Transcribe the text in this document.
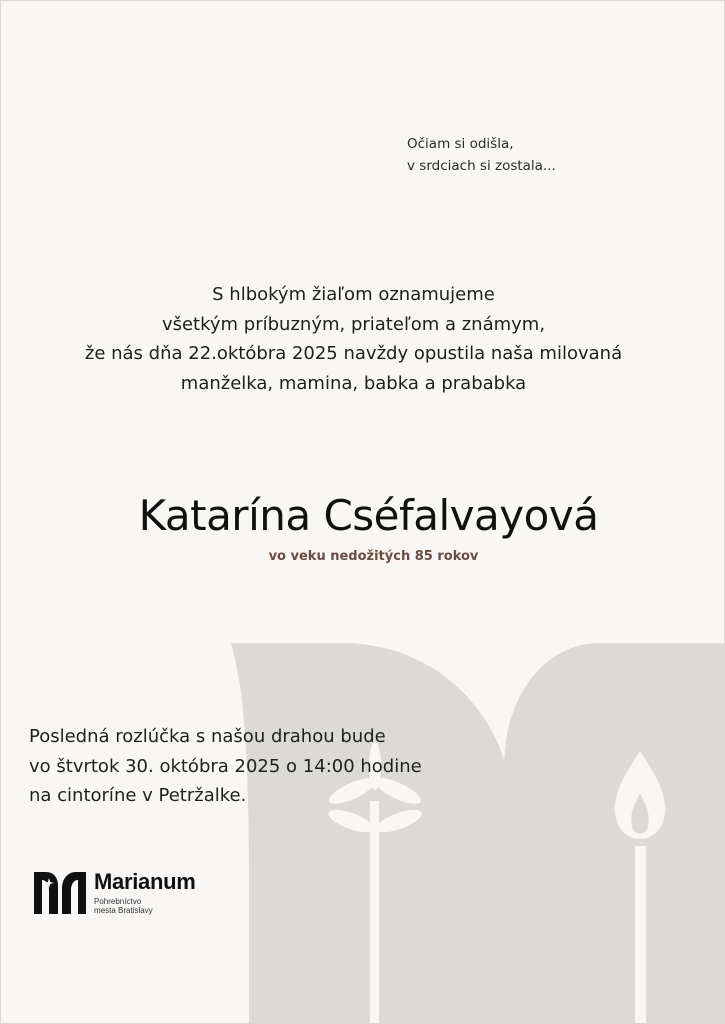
Očiam si odišla,
v srdciach si zostala...
S hlbokým žiaľom oznamujeme
všetkým príbuzným, priateľom a známym,
že nás dňa 22.októbra 2025 navždy opustila naša milovaná
manželka, mamina, babka a prababka
Katarína Cséfalvayová
vo veku nedožitých 85 rokov
Posledná rozlúčka s našou drahou bude
vo štvrtok 30. októbra 2025 o 14:00 hodine
na cintoríne v Petržalke.
Marianum
Pohrebníctvo
mesta Bratislavy
